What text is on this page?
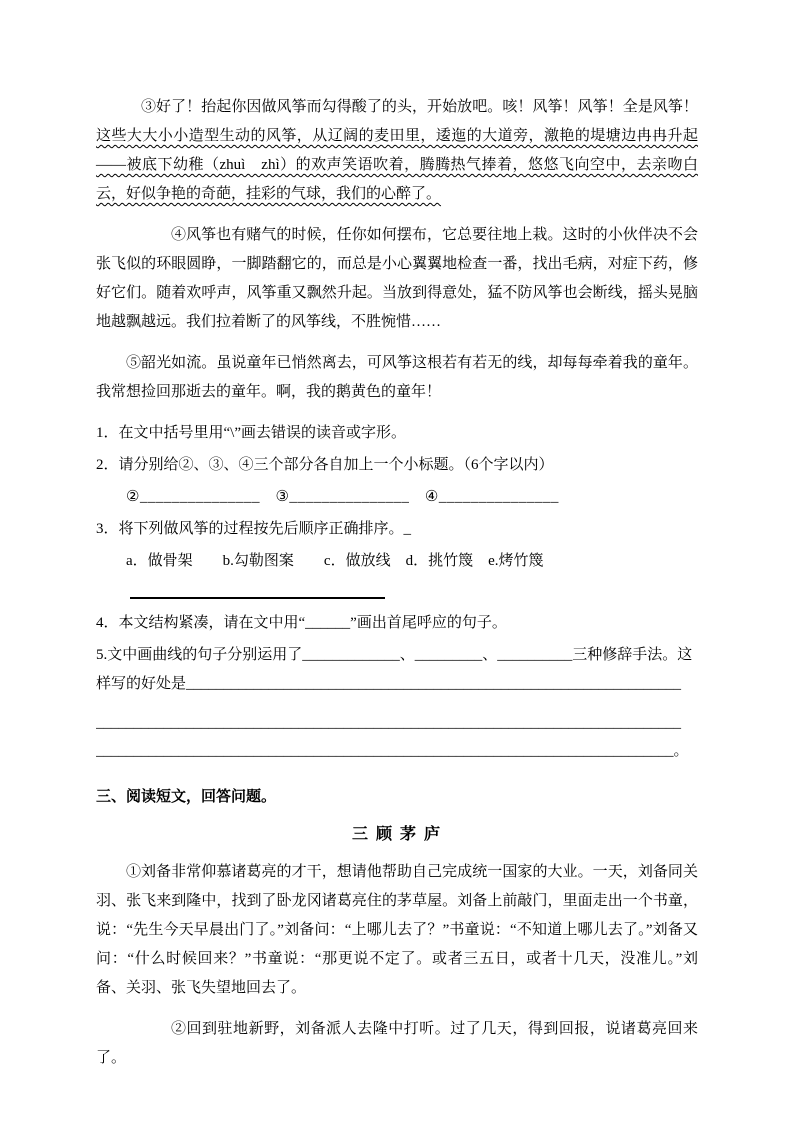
③好了！抬起你因做风筝而勾得酸了的头，开始放吧。咳！风筝！风筝！全是风筝！这些大大小小造型生动的风筝，从辽阔的麦田里，逶迤的大道旁，激艳的堤塘边冉冉升起——被底下幼稚（zhuì　zhì）的欢声笑语吹着，腾腾热气捧着，悠悠飞向空中，去亲吻白云，好似争艳的奇葩，挂彩的气球，我们的心醉了。

④风筝也有赌气的时候，任你如何摆布，它总要往地上栽。这时的小伙伴决不会张飞似的环眼圆睁，一脚踏翻它的，而总是小心翼翼地检查一番，找出毛病，对症下药，修好它们。随着欢呼声，风筝重又飘然升起。当放到得意处，猛不防风筝也会断线，摇头晃脑地越飘越远。我们拉着断了的风筝线，不胜惋惜……

⑤韶光如流。虽说童年已悄然离去，可风筝这根若有若无的线，却每每牵着我的童年。我常想捡回那逝去的童年。啊，我的鹅黄色的童年！

1．在文中括号里用“\”画去错误的读音或字形。

2．请分别给②、③、④三个部分各自加上一个小标题。（6个字以内）

②_______________　③_______________　④_______________

3．将下列做风筝的过程按先后顺序正确排序。_

a．做骨架　　b.勾勒图案　　c．做放线　d．挑竹篾　e.烤竹篾

4．本文结构紧凑，请在文中用“______”画出首尾呼应的句子。

5.文中画曲线的句子分别运用了_____________、_________、__________三种修辞手法。这样写的好处是__________________________________________________________________

______________________________________________________________________________

_____________________________________________________________________________。

三、阅读短文，回答问题。

三 顾 茅 庐

①刘备非常仰慕诸葛亮的才干，想请他帮助自己完成统一国家的大业。一天，刘备同关羽、张飞来到隆中，找到了卧龙冈诸葛亮住的茅草屋。刘备上前敲门，里面走出一个书童，说：“先生今天早晨出门了。”刘备问：“上哪儿去了？”书童说：“不知道上哪儿去了。”刘备又问：“什么时候回来？”书童说：“那更说不定了。或者三五日，或者十几天，没准儿。”刘备、关羽、张飞失望地回去了。

②回到驻地新野，刘备派人去隆中打听。过了几天，得到回报，说诸葛亮回来了。
